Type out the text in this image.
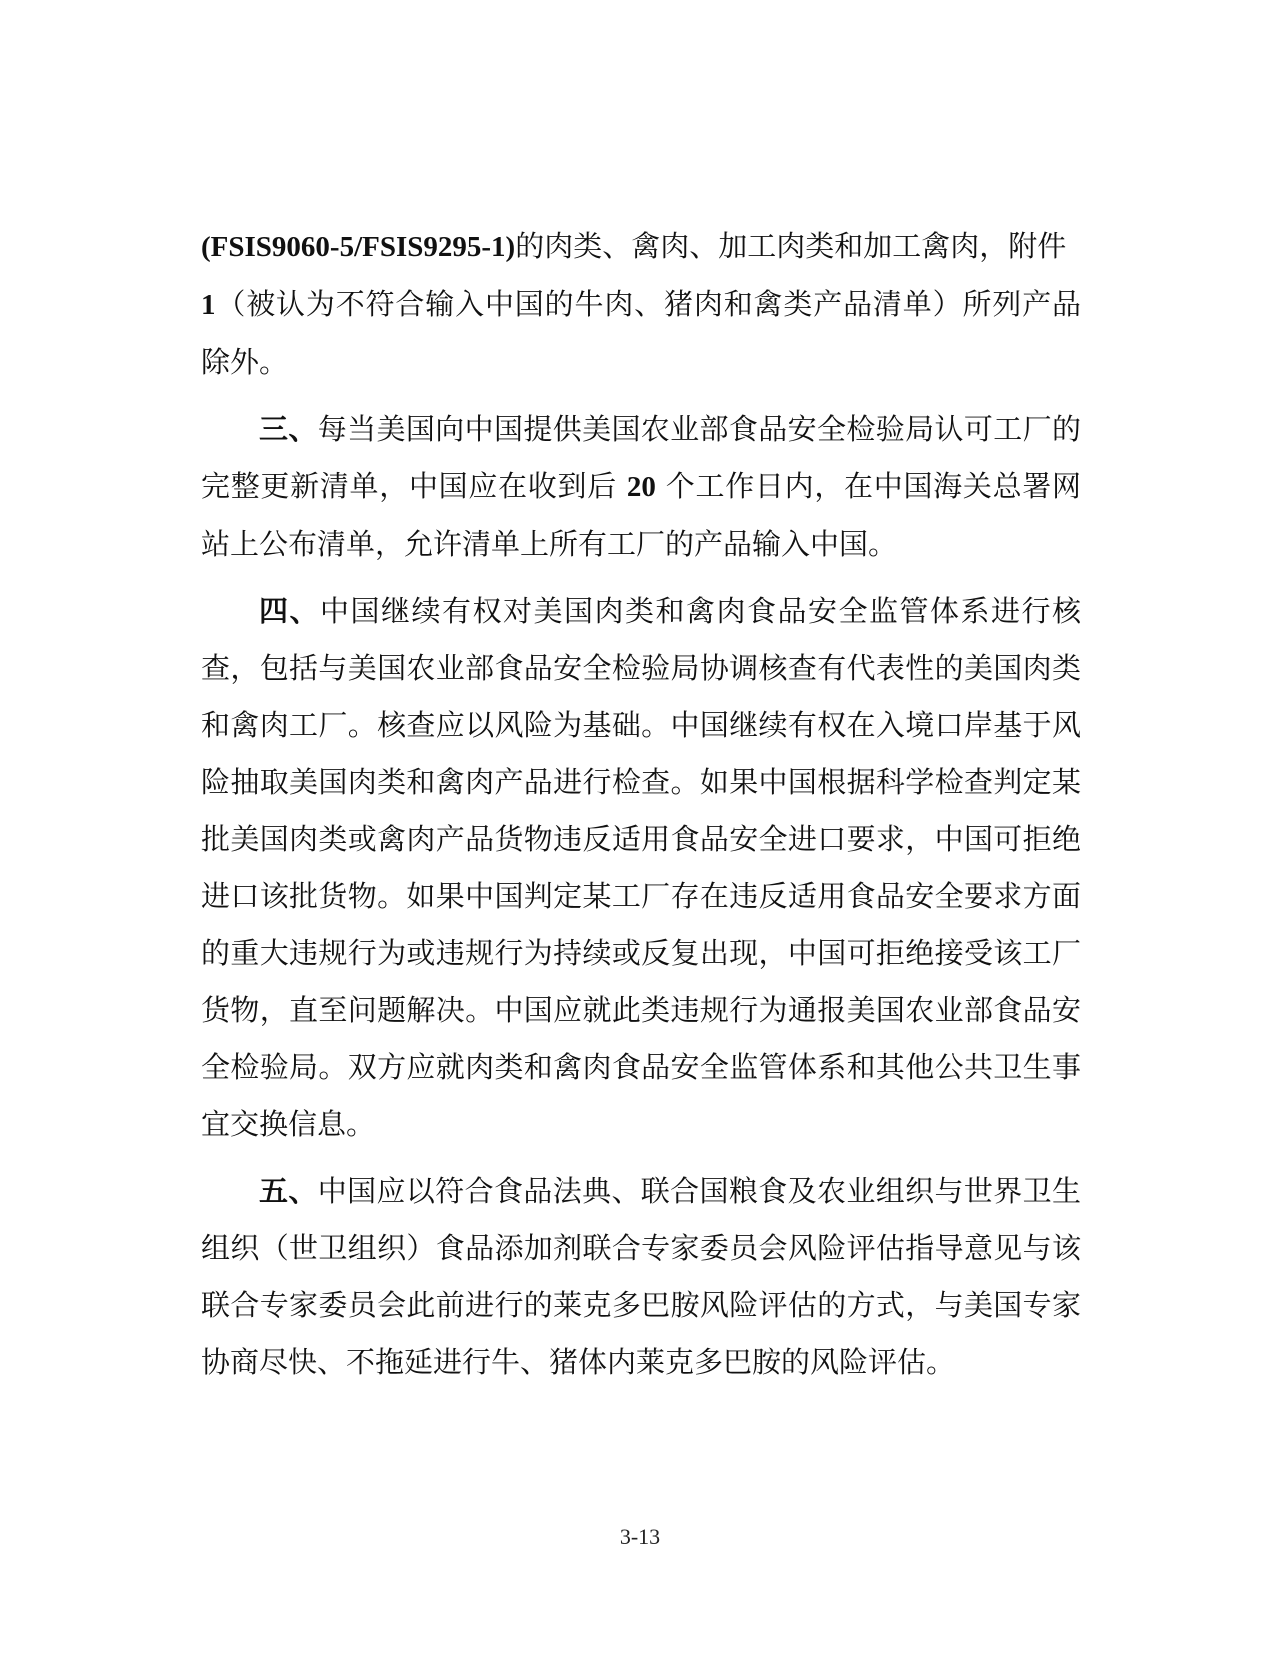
(FSIS9060-5/FSIS9295-1)的肉类、禽肉、加工肉类和加工禽肉，附件
1（被认为不符合输入中国的牛肉、猪肉和禽类产品清单）所列产品除外。

三、每当美国向中国提供美国农业部食品安全检验局认可工厂的完整更新清单，中国应在收到后 20 个工作日内，在中国海关总署网站上公布清单，允许清单上所有工厂的产品输入中国。

四、中国继续有权对美国肉类和禽肉食品安全监管体系进行核查，包括与美国农业部食品安全检验局协调核查有代表性的美国肉类和禽肉工厂。核查应以风险为基础。中国继续有权在入境口岸基于风险抽取美国肉类和禽肉产品进行检查。如果中国根据科学检查判定某批美国肉类或禽肉产品货物违反适用食品安全进口要求，中国可拒绝进口该批货物。如果中国判定某工厂存在违反适用食品安全要求方面的重大违规行为或违规行为持续或反复出现，中国可拒绝接受该工厂货物，直至问题解决。中国应就此类违规行为通报美国农业部食品安全检验局。双方应就肉类和禽肉食品安全监管体系和其他公共卫生事宜交换信息。

五、中国应以符合食品法典、联合国粮食及农业组织与世界卫生组织（世卫组织）食品添加剂联合专家委员会风险评估指导意见与该联合专家委员会此前进行的莱克多巴胺风险评估的方式，与美国专家协商尽快、不拖延进行牛、猪体内莱克多巴胺的风险评估。

3-13
